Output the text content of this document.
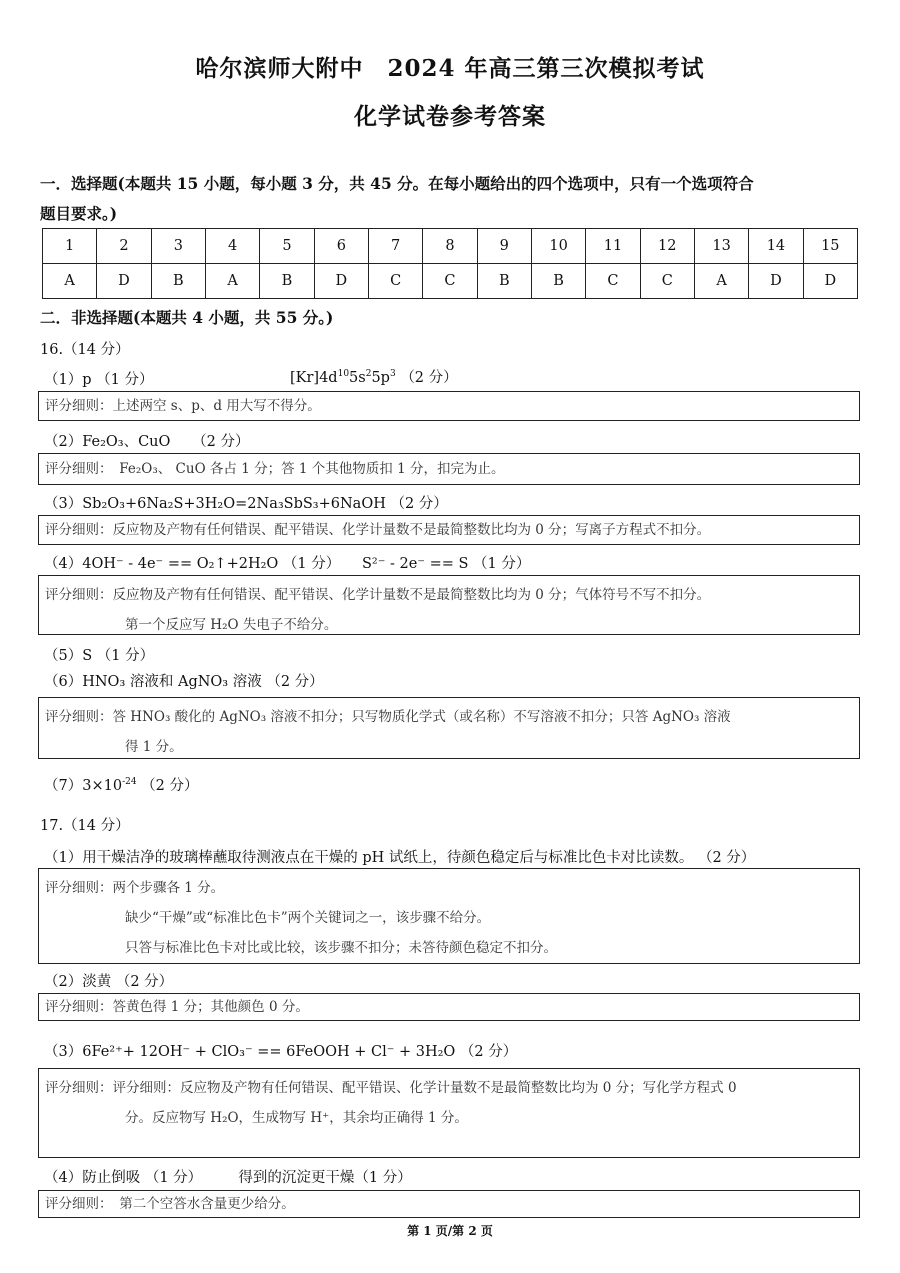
哈尔滨师大附中　2024 年高三第三次模拟考试
化学试卷参考答案
一．选择题(本题共 15 小题，每小题 3 分，共 45 分。在每小题给出的四个选项中，只有一个选项符合
题目要求。)
1	2	3	4	5	6	7	8	9	10	11	12	13	14	15
A	D	B	A	B	D	C	C	B	B	C	C	A	D	D
二．非选择题(本题共 4 小题，共 55 分。)
16.（14 分）
（1）p （1 分）	$[Kr]4d^{10}5s^25p^3$ （2 分）
评分细则：上述两空 s、p、d 用大写不得分。
（2）Fe₂O₃、CuO　　（2 分）
评分细则：　Fe₂O₃、 CuO 各占 1 分；答 1 个其他物质扣 1 分，扣完为止。
（3）Sb₂O₃+6Na₂S+3H₂O=2Na₃SbS₃+6NaOH （2 分）
评分细则：反应物及产物有任何错误、配平错误、化学计量数不是最简整数比均为 0 分；写离子方程式不扣分。
（4）4OH⁻ - 4e⁻ == O₂↑+2H₂O （1 分）　　S²⁻ - 2e⁻ == S （1 分）
评分细则：反应物及产物有任何错误、配平错误、化学计量数不是最简整数比均为 0 分；气体符号不写不扣分。
第一个反应写 H₂O 失电子不给分。
（5）S （1 分）
（6）HNO₃ 溶液和 AgNO₃ 溶液 （2 分）
评分细则：答 HNO₃ 酸化的 AgNO₃ 溶液不扣分；只写物质化学式（或名称）不写溶液不扣分；只答 AgNO₃ 溶液
得 1 分。
$(7)3\times 10^{-24}$ （2 分）
17.（14 分）
（1）用干燥洁净的玻璃棒蘸取待测液点在干燥的 pH 试纸上，待颜色稳定后与标准比色卡对比读数。 （2 分）
评分细则：两个步骤各 1 分。
缺少“干燥”或“标准比色卡”两个关键词之一，该步骤不给分。
只答与标准比色卡对比或比较，该步骤不扣分；未答待颜色稳定不扣分。
（2）淡黄 （2 分）
评分细则：答黄色得 1 分；其他颜色 0 分。
（3）6Fe²⁺+ 12OH⁻ + ClO₃⁻ == 6FeOOH + Cl⁻ + 3H₂O （2 分）
评分细则：评分细则：反应物及产物有任何错误、配平错误、化学计量数不是最简整数比均为 0 分；写化学方程式 0
分。反应物写 H₂O，生成物写 H⁺，其余均正确得 1 分。
（4）防止倒吸 （1 分）　　　得到的沉淀更干燥（1 分）
评分细则：　第二个空答水含量更少给分。
第 1 页/第 2 页
